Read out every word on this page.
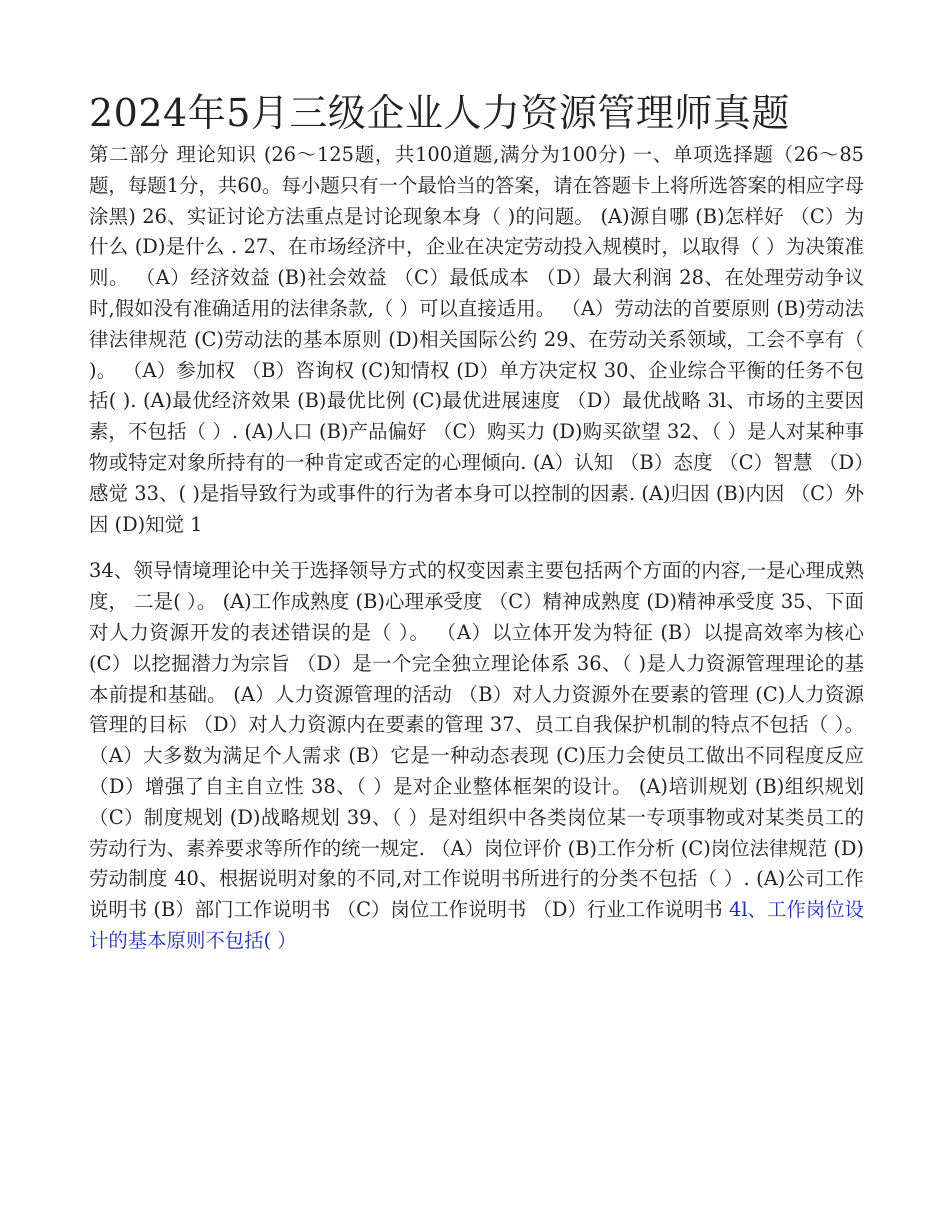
2024年5月三级企业人力资源管理师真题

第二部分 理论知识 (26～125题，共100道题,满分为100分) 一、单项选择题（26～85题，每题1分，共60。每小题只有一个最恰当的答案，请在答题卡上将所选答案的相应字母涂黑) 26、实证讨论方法重点是讨论现象本身（ )的问题。 (A)源自哪 (B)怎样好 （C）为什么 (D)是什么 . 27、在市场经济中，企业在决定劳动投入规模时，以取得（ ）为决策准则。 （A）经济效益 (B)社会效益 （C）最低成本 （D）最大利润 28、在处理劳动争议时,假如没有准确适用的法律条款,（ ）可以直接适用。 （A）劳动法的首要原则 (B)劳动法律法律规范 (C)劳动法的基本原则 (D)相关国际公约 29、在劳动关系领域，工会不享有（ )。 （A）参加权 （B）咨询权 (C)知情权 (D）单方决定权 30、企业综合平衡的任务不包括( ). (A)最优经济效果 (B)最优比例 (C)最优进展速度 （D）最优战略 3l、市场的主要因素，不包括（ ）. (A)人口 (B)产品偏好 （C）购买力 (D)购买欲望 32、（ ）是人对某种事物或特定对象所持有的一种肯定或否定的心理倾向. (A）认知 （B）态度 （C）智慧 （D）感觉 33、( )是指导致行为或事件的行为者本身可以控制的因素. (A)归因 (B)内因 （C）外因 (D)知觉 1

34、领导情境理论中关于选择领导方式的权变因素主要包括两个方面的内容,一是心理成熟度， 二是( ）。 (A)工作成熟度 (B)心理承受度 （C）精神成熟度 (D)精神承受度 35、下面对人力资源开发的表述错误的是（ ）。 （A）以立体开发为特征 (B）以提高效率为核心 (C）以挖掘潜力为宗旨 （D）是一个完全独立理论体系 36、（ )是人力资源管理理论的基本前提和基础。 (A）人力资源管理的活动 （B）对人力资源外在要素的管理 (C)人力资源管理的目标 （D）对人力资源内在要素的管理 37、员工自我保护机制的特点不包括（ ）。 （A）大多数为满足个人需求 (B）它是一种动态表现 (C)压力会使员工做出不同程度反应 （D）增强了自主自立性 38、（ ）是对企业整体框架的设计。 (A)培训规划 (B)组织规划 （C）制度规划 (D)战略规划 39、（ ）是对组织中各类岗位某一专项事物或对某类员工的劳动行为、素养要求等所作的统一规定. （A）岗位评价 (B)工作分析 (C)岗位法律规范 (D)劳动制度 40、根据说明对象的不同,对工作说明书所进行的分类不包括（ ）. (A)公司工作说明书 (B）部门工作说明书 （C）岗位工作说明书 （D）行业工作说明书 4l、工作岗位设计的基本原则不包括( ）
